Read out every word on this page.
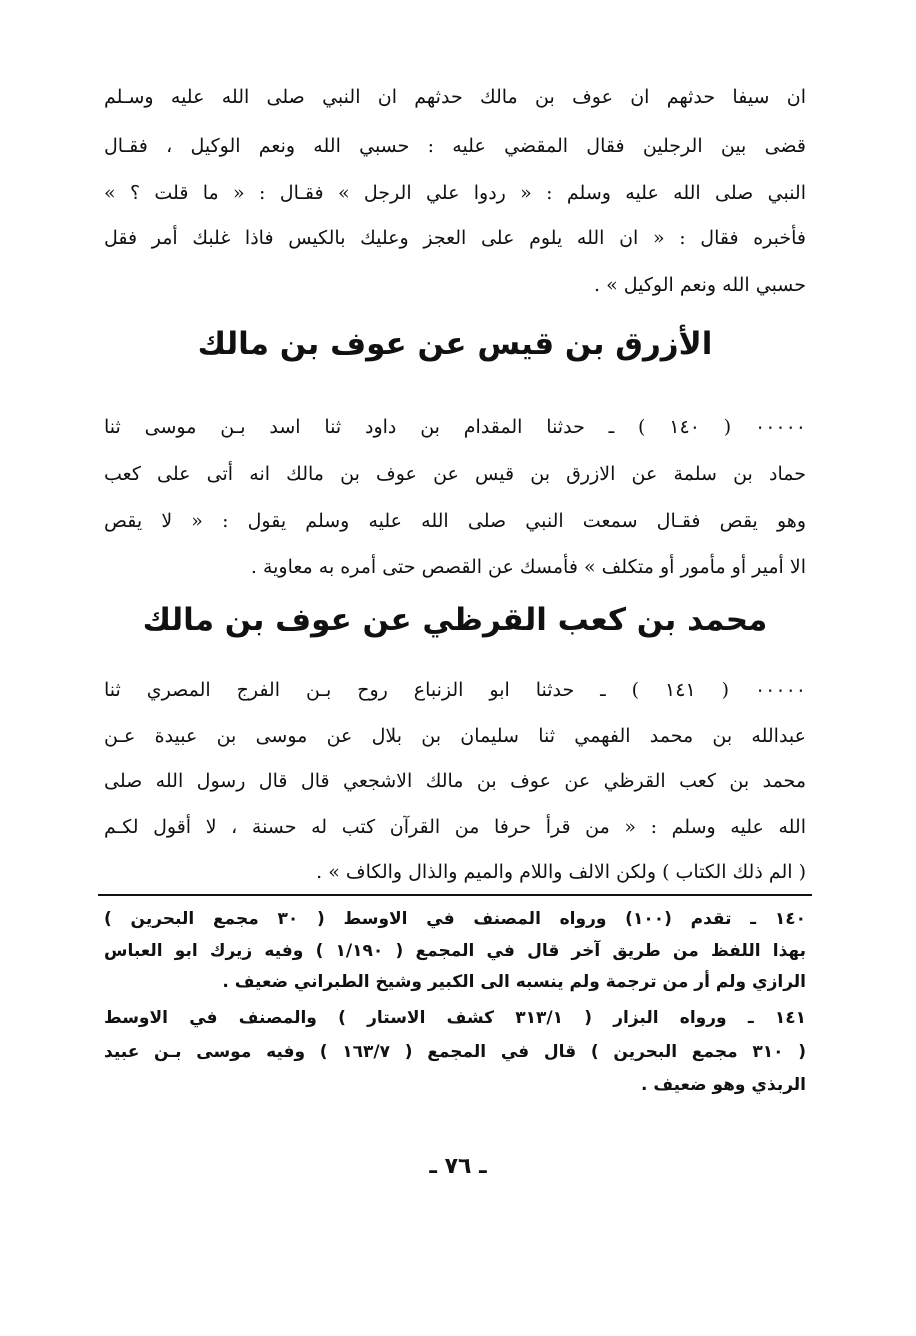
ان سيفا حدثهم ان عوف بن مالك حدثهم ان النبي صلى الله عليه وسـلم
قضى بين الرجلين فقال المقضي عليه : حسبي الله ونعم الوكيل ، فقـال
النبي صلى الله عليه وسلم : « ردوا علي الرجل » فقـال : « ما قلت ؟ »
فأخبره فقال : « ان الله يلوم على العجز وعليك بالكيس فاذا غلبك أمر فقل
حسبي الله ونعم الوكيل » .
الأزرق بن قيس عن عوف بن مالك
٠٠٠٠٠ ( ١٤٠ ) ـ حدثنا المقدام بن داود ثنا اسد بـن موسى ثنا
حماد بن سلمة عن الازرق بن قيس عن عوف بن مالك انه أتى على كعب
وهو يقص فقـال سمعت النبي صلى الله عليه وسلم يقول : « لا يقص
الا أمير أو مأمور أو متكلف » فأمسك عن القصص حتى أمره به معاوية .
محمد بن كعب القرظي عن عوف بن مالك
٠٠٠٠٠ ( ١٤١ ) ـ حدثنا ابو الزنباع روح بـن الفرج المصري ثنا
عبدالله بن محمد الفهمي ثنا سليمان بن بلال عن موسى بن عبيدة عـن
محمد بن كعب القرظي عن عوف بن مالك الاشجعي قال قال رسول الله صلى
الله عليه وسلم : « من قرأ حرفا من القرآن كتب له حسنة ، لا أقول لكـم
( الم ذلك الكتاب ) ولكن الالف واللام والميم والذال والكاف » .
١٤٠ ـ تقدم (١٠٠) ورواه المصنف في الاوسط ( ٣٠ مجمع البحرين )
بهذا اللفظ من طريق آخر قال في المجمع ( ١/١٩٠ ) وفيه زيرك ابو العباس
الرازي ولم أر من ترجمة ولم ينسبه الى الكبير وشيخ الطبراني ضعيف .
١٤١ ـ ورواه البزار ( ٣١٣/١ كشف الاستار ) والمصنف في الاوسط
( ٣١٠ مجمع البحرين ) قال في المجمع ( ١٦٣/٧ ) وفيه موسى بـن عبيد
الربذي وهو ضعيف .
ـ ٧٦ ـ
